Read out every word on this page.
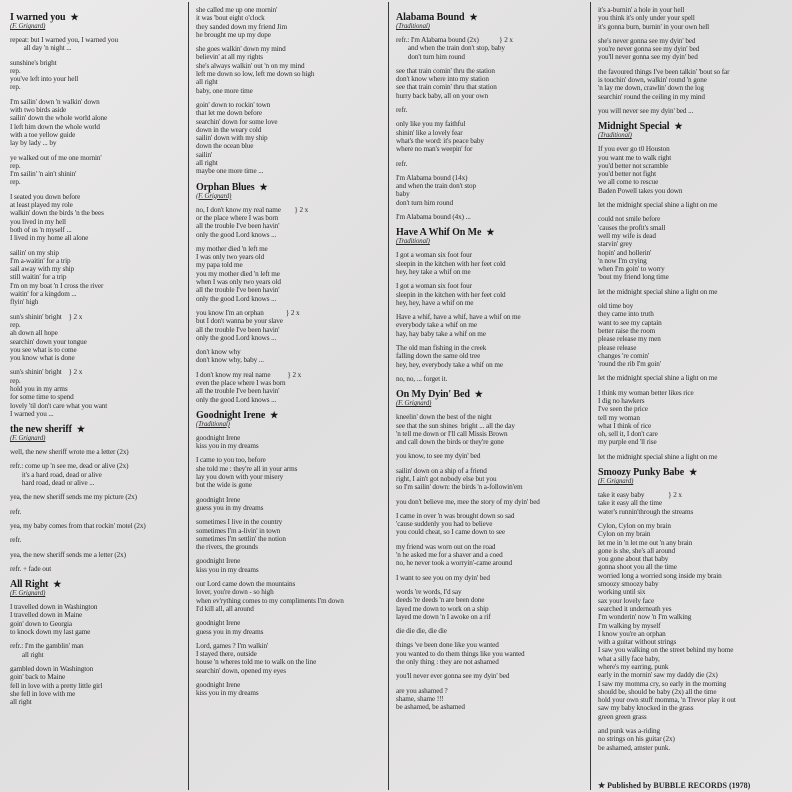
I warned you ★
(F. Grignard)
repeat: but I warned you, I warned you
all day 'n night ...
sunshine's bright
rep.
you've left into your hell
rep.
I'm sailin' down 'n walkin' down
with two birds aside
sailin' down the whole world alone
I left him down the whole world
with a toe yellow guide
lay by lady ... by
ye walked out of me one mornin'
rep.
I'm sailin' 'n ain't shinin'
rep.
I seated you down before
at least played my role
walkin' down the birds 'n the bees
you lived in my hell
both of us 'n myself ...
I lived in my home all alone
sailin' on my ship
I'm a-waitin' for a trip
sail away with my ship
still waitin' for a trip
I'm on my boat 'n I cross the river
waitin' for a kingdom ...
flyin' high
sun's shinin' bright    } 2 x
rep.
ah down all hope
searchin' down your tongue
you see what is to come
you know what is done
sun's shinin' bright    } 2 x
rep.
hold you in my arms
for some time to spend
lovely 'til don't care what you want
I warned you ...
the new sheriff ★
(F. Grignard)
well, the new sheriff wrote me a letter (2x)
refr.: come up 'n see me, dead or alive (2x)
it's a hard road, dead or alive
hard road, dead or alive ...
yea, the new sheriff sends me my picture (2x)
refr.
yea, my baby comes from that rockin' motel (2x)
refr.
yea, the new sheriff sends me a letter (2x)
refr. + fade out
All Right ★
(F. Grignard)
I travelled down in Washington
I travelled down in Maine
goin' down to Georgia
to knock down my last game
refr.: I'm the gamblin' man
all right
gambled down in Washington
goin' back to Maine
fell in love with a pretty little girl
she fell in love with me
all right
she called me up one mornin'
it was 'bout eight o'clock
they sanded down my friend Jim
he brought me up my dope
she goes walkin' down my mind
believin' at all my rights
she's always walkin' out 'n on my mind
left me down so low, left me down so high
all right
baby, one more time
goin' down to rockin' town
that let me down before
searchin' down for some love
down in the weary cold
sailin' down with my ship
down the ocean blue
sailin'
all right
maybe one more time ...
Orphan Blues ★
(F. Grignard)
no, I don't know my real name        } 2 x
or the place where I was born
all the trouble I've been havin'
only the good Lord knows ...
my mother died 'n left me
I was only two years old
my papa told me
you my mother died 'n left me
when I was only two years old
all the trouble I've been havin'
only the good Lord knows ...
you know I'm an orphan             } 2 x
but I don't wanna be your slave
all the trouble I've been havin'
only the good Lord knows ...
don't know why
don't know why, baby ...
I don't know my real name          } 2 x
even the place where I was born
all the trouble I've been havin'
only the good Lord knows ...
Goodnight Irene ★
(Traditional)
goodnight Irene
kiss you in my dreams
I came to you too, before
she told me : they're all in your arms
lay you down with your misery
but the wide is gone
goodnight Irene
guess you in my dreams
sometimes I live in the country
sometimes I'm a-livin' in town
sometimes I'm settlin' the notion
the rivers, the grounds
goodnight Irene
kiss you in my dreams
our Lord came down the mountains
lover, you're down - so high
when ev'rything comes to my compliments I'm down
I'd kill all, all around
goodnight Irene
guess you in my dreams
Lord, games ? I'm walkin'
I stayed there, outside
house 'n wheres told me to walk on the line
searchin' down, opened my eyes
goodnight Irene
kiss you in my dreams
Alabama Bound ★
(Traditional)
refr.: I'm Alabama bound (2x)            } 2 x
and when the train don't stop, baby
don't turn him round
see that train comin' thru the station
don't know where into my station
see that train comin' thru that station
hurry back baby, all on your own
refr.
only like you my faithful
shinin' like a lovely fear
what's the word: it's peace baby
where no man's weepin' for
refr.
I'm Alabama bound (14x)
and when the train don't stop
baby
don't turn him round
I'm Alabama bound (4x) ...
Have A Whif On Me ★
(Traditional)
I got a woman six foot four
sleepin in the kitchen with her feet cold
hey, hey take a whif on me
I got a woman six foot four
sleepin in the kitchen with her feet cold
hey, hey, have a whif on me
Have a whif, have a whif, have a whif on me
everybody take a whif on me
hay, hay baby take a whif on me
The old man fishing in the creek
falling down the same old tree
hey, hey, everybody take a whif on me
no, no, ... forget it.
On My Dyin' Bed ★
(F. Grignard)
kneelin' down the best of the night
see that the sun shines  bright ... all the day
'n tell me down or I'll call Missis Brown
and call down the birds or they're gone
you know, to see my dyin' bed
sailin' down on a ship of a friend
right, I ain't got nobody else but you
so I'm sailin' down: the birds 'n a-followin'em
you don't believe me, mee the story of my dyin' bed
I came in over 'n was brought down so sad
'cause suddenly you had to believe
you could cheat, so I came down to see
my friend was worn out on the road
'n he asked me for a shaver and a coed
no, he never took a worryin'-came around
I want to see you on my dyin' bed
words 're words, I'd say
deeds 're deeds 'n are been done
layed me down to work on a ship
layed me down 'n I awoke on a rif
die die die, die die
things 've been done like you wanted
you wanted to do them things like you wanted
the only thing : they are not ashamed
you'll never ever gonna see my dyin' bed
are you ashamed ?
shame, shame !!!
be ashamed, be ashamed
it's a-burnin' a hole in your hell
you think it's only under your spell
it's gonna burn, burnin' in your own hell
she's never gonna see my dyin' bed
you're never gonna see my dyin' bed
you'll never gonna see my dyin' bed
the favoured things I've been talkin' 'bout so far
is touchin' down, walkin' round 'n gone
'n lay me down, crawlin' down the log
searchin' round the ceiling in my mind
you will never see my dyin' bed ...
Midnight Special ★
(Traditional)
If you ever go t0 Houston
you want me to walk right
you'd better not scramble
you'd better not fight
we all come to rescue
Baden Powell takes you down
let the midnight special shine a light on me
could not smile before
'causes the profit's small
well my wife is dead
starvin' grey
hopin' and hollerin'
'n now I'm crying
when I'm goin' to worry
'bout my friend long time
let the midnight special shine a light on me
old time boy
they came into truth
want to see my captain
better raise the room
please release my men
please release
changes 're comin'
'round the rib I'm goin'
let the midnight special shine a light on me
I think my woman better likes rice
I dig no hawkers
I've seen the price
tell my woman
what I think of rice
oh, sell it, I don't care
my purple end 'll rise
let the midnight special shine a light on me
Smoozy Punky Babe ★
(F. Grignard)
take it easy baby              } 2 x
take it easy all the time
water's runnin'through the streams
Cylon, Cylon on my brain
Cylon on my brain
let me in 'n let me out 'n any brain
gone is she, she's all around
you gone about that baby
gonna shoot you all the time
worried long a worried song inside my brain
smoozy smoozy baby
working until six
sax your lovely face
searched it underneath yes
I'm wonderin' now 'n I'm walking
I'm walking by myself
I know you're an orphan
with a guitar without strings
I saw you walking on the street behind my home
what a silly face baby,
where's my earring, punk
early in the mornin' saw my daddy die (2x)
I saw my momma cry, so early in the morning
should be, should be baby (2x) all the time
hold your own stuff momma, 'n Trevor play it out
saw my baby knocked in the grass
green green grass
and punk was a-riding
no strings on his guitar (2x)
be ashamed, amster punk.
★ Published by BUBBLE RECORDS (1978)
